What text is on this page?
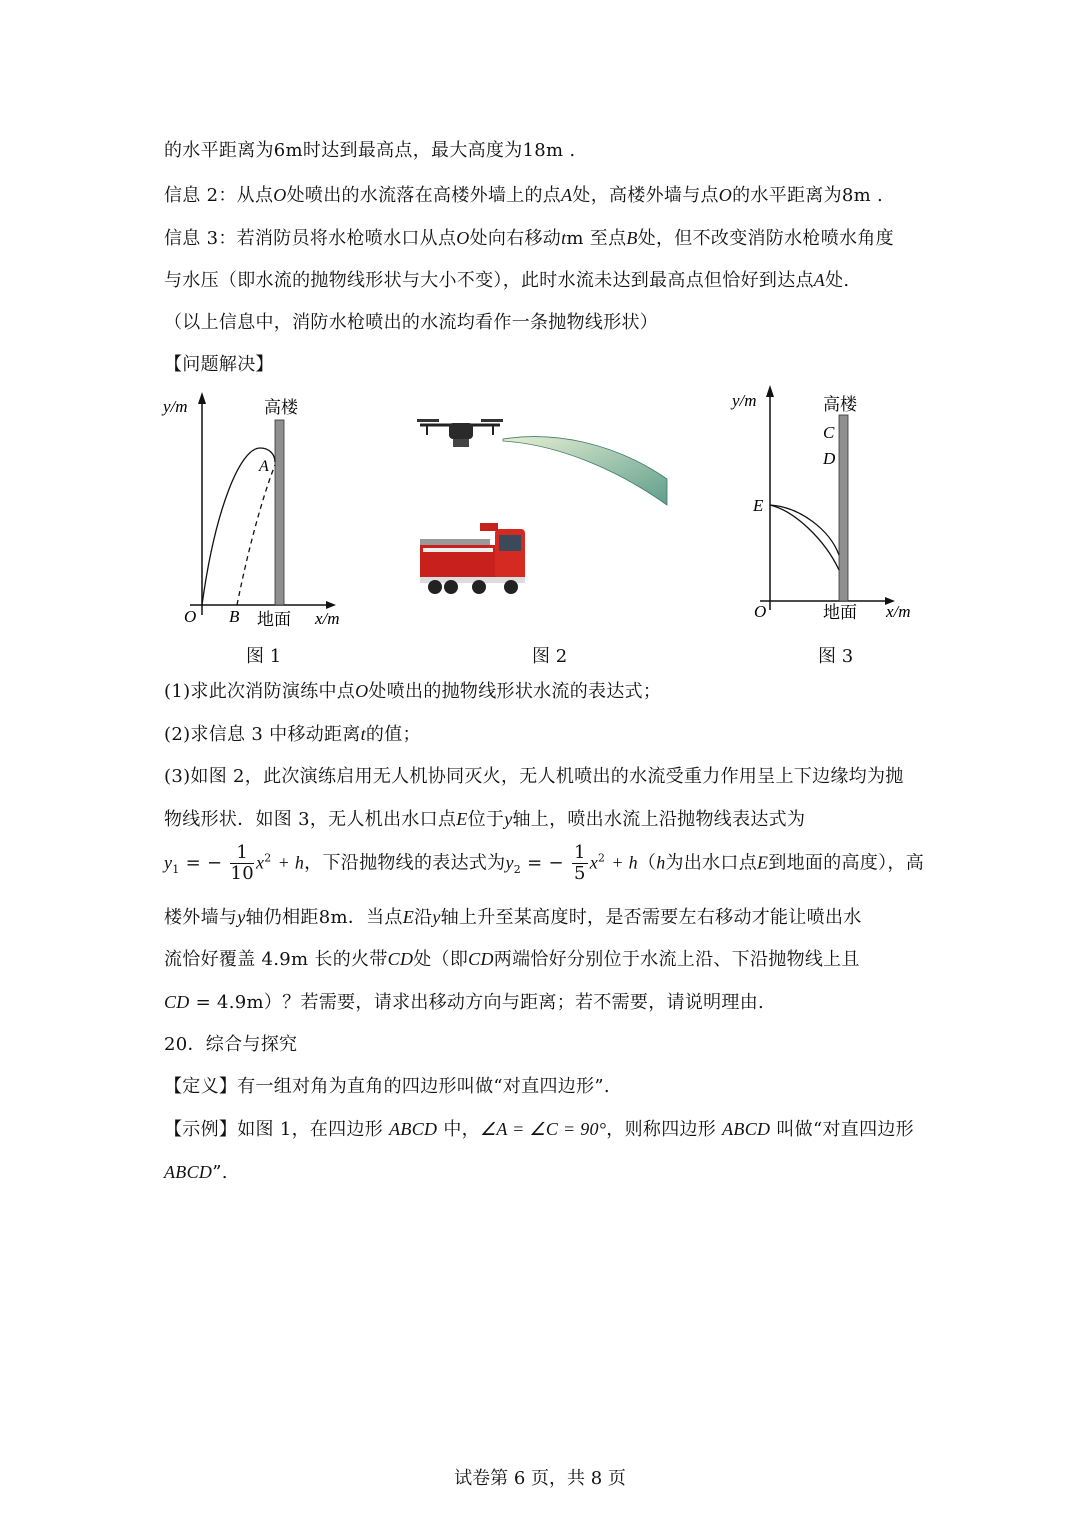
的水平距离为6m时达到最高点，最大高度为18m .
信息 2：从点O处喷出的水流落在高楼外墙上的点A处，高楼外墙与点O的水平距离为8m .
信息 3：若消防员将水枪喷水口从点O处向右移动tm 至点B处，但不改变消防水枪喷水角度
与水压（即水流的抛物线形状与大小不变），此时水流未达到最高点但恰好到达点A处.
（以上信息中，消防水枪喷出的水流均看作一条抛物线形状）
【问题解决】
y/m	高楼
A
O B 地面 x/m
图 1	图 2
y/m	高楼
C
D
E
O	地面 x/m
图 3
(1)求此次消防演练中点O处喷出的抛物线形状水流的表达式；
(2)求信息 3 中移动距离t的值；
(3)如图 2，此次演练启用无人机协同灭火，无人机喷出的水流受重力作用呈上下边缘均为抛
物线形状．如图 3，无人机出水口点E位于y轴上，喷出水流上沿抛物线表达式为
$y_1$ = − $\frac{1}{10} x^2 + h$，下沿抛物线的表达式为$y_2$ = − $\frac{1}{5} x^2 + h(h$为出水口点E到地面的高度），高
楼外墙与y轴仍相距8m．当点E沿y轴上升至某高度时，是否需要左右移动才能让喷出水
流恰好覆盖 4.9m 长的火带CD处（即CD两端恰好分别位于水流上沿、下沿抛物线上且
CD = 4.9m）？若需要，请求出移动方向与距离；若不需要，请说明理由.
20．综合与探究
【定义】有一组对角为直角的四边形叫做“对直四边形”.
【示例】如图 1，在四边形 ABCD 中，∠A = ∠C = 90°，则称四边形 ABCD 叫做“对直四边形
ABCD”.
试卷第 6 页，共 8 页
